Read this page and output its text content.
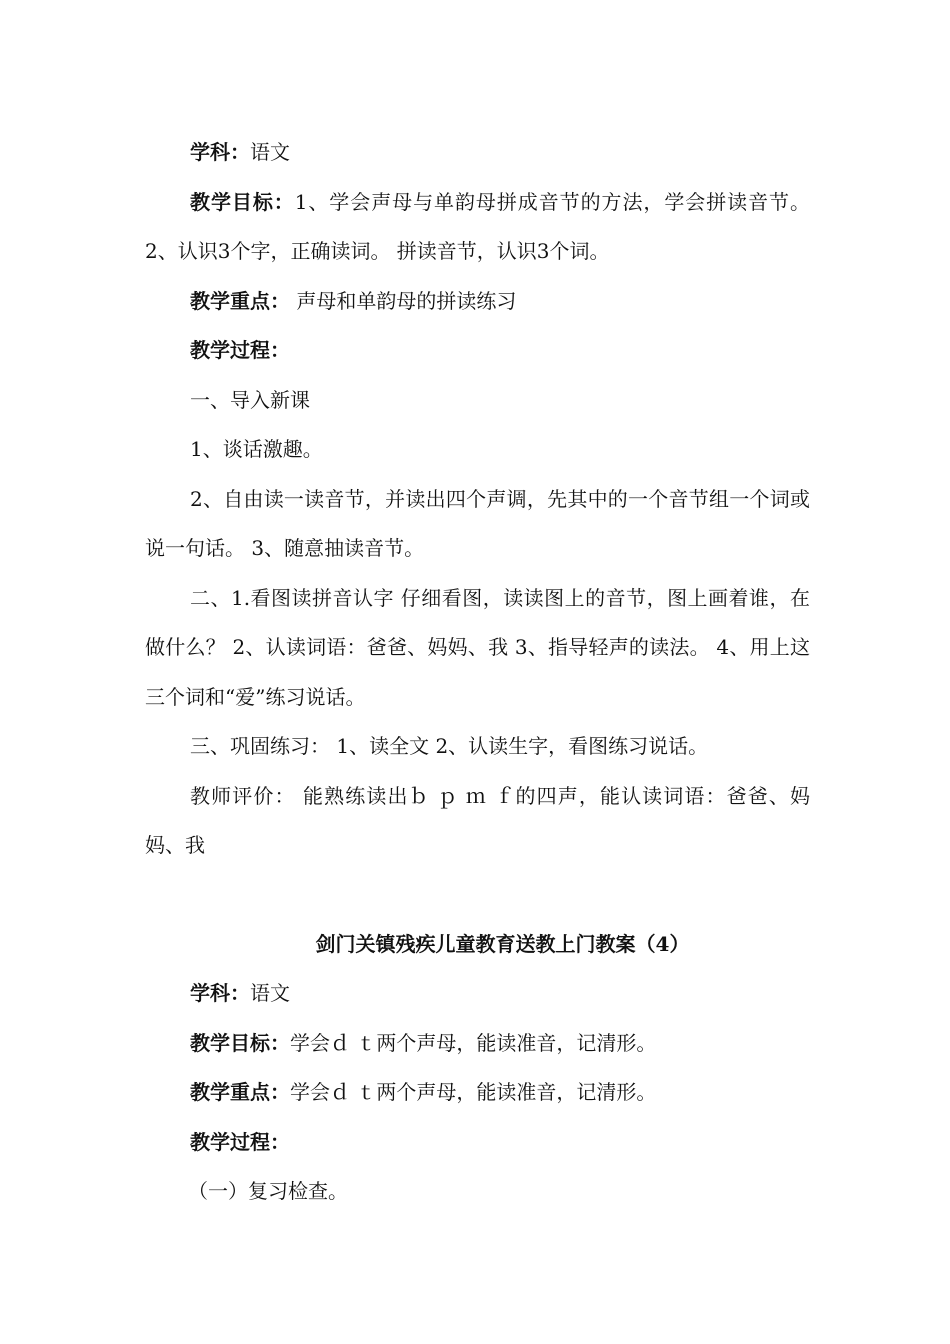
学科：语文

教学目标：1、学会声母与单韵母拼成音节的方法，学会拼读音节。 2、认识3个字，正确读词。 拼读音节，认识3个词。

教学重点： 声母和单韵母的拼读练习

教学过程：

一、导入新课

1、谈话激趣。

2、自由读一读音节，并读出四个声调，先其中的一个音节组一个词或说一句话。 3、随意抽读音节。

二、1.看图读拼音认字 仔细看图，读读图上的音节，图上画着谁，在做什么？ 2、认读词语：爸爸、妈妈、我 3、指导轻声的读法。 4、用上这三个词和“爱”练习说话。

三、巩固练习： 1、读全文 2、认读生字，看图练习说话。

教师评价： 能熟练读出ｂ ｐ ｍ ｆ的四声，能认读词语：爸爸、妈妈、我

剑门关镇残疾儿童教育送教上门教案（4）

学科：语文

教学目标：学会ｄ ｔ两个声母，能读准音，记清形。

教学重点：学会ｄ ｔ两个声母，能读准音，记清形。

教学过程：

（一）复习检查。
